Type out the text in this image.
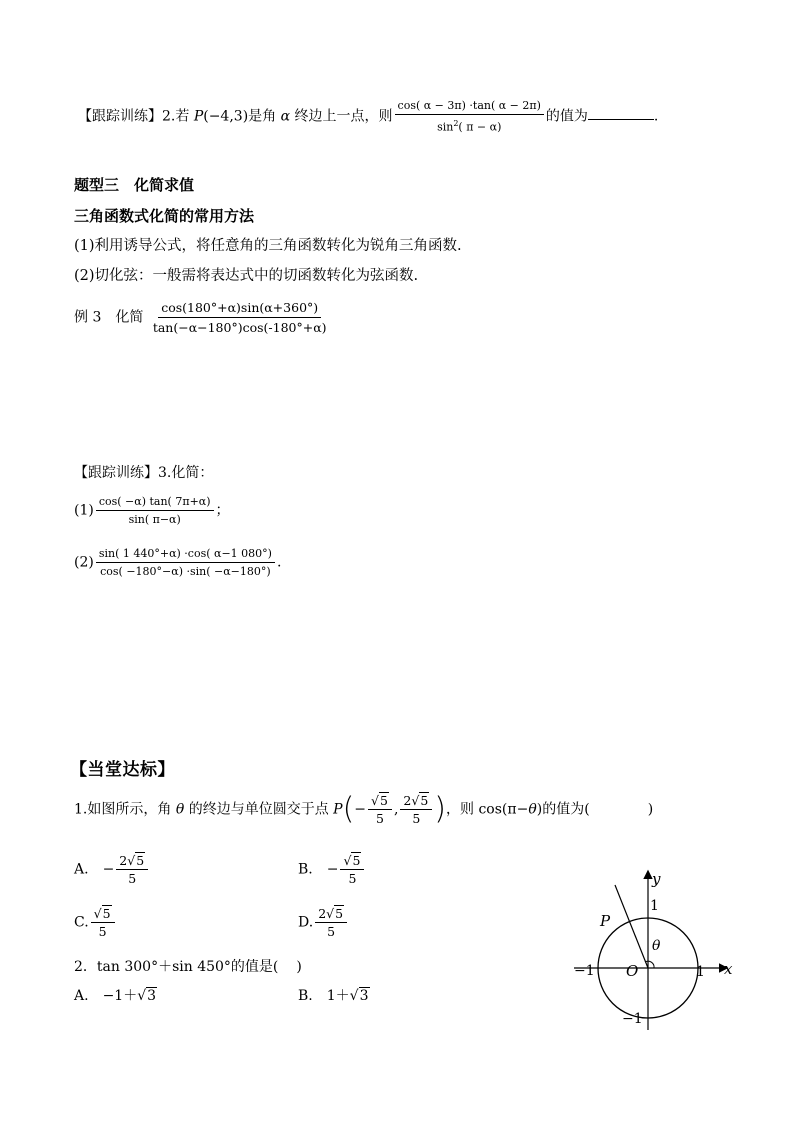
【跟踪训练】2.若 P(−4,3)是角 α 终边上一点，则 $\frac{\cos( \alpha - 3\pi) \cdot\tan( \alpha - 2\pi)}{\sin^2( \pi - \alpha)}$ 的值为	.
题型三　化简求值
三角函数式化简的常用方法
(1)利用诱导公式，将任意角的三角函数转化为锐角三角函数.
(2)切化弦：一般需将表达式中的切函数转化为弦函数.
例 3　化简 $\frac{\cos(180^\circ+\alpha)\sin(\alpha+360^\circ)}{\tan(-\alpha-180^\circ)\cos(-180^\circ+\alpha)}$
【跟踪训练】3.化简：
$(1) \frac{\cos( -\alpha) \tan( 7\pi+\alpha)}{\sin( \pi-\alpha)}$ ；
$(2) \frac{\sin( 1 440^\circ+\alpha) \cdot\cos( \alpha-1 080^\circ)}{\cos( -180^\circ-\alpha) \cdot\sin( -\alpha-180^\circ)}$ .
【当堂达标】
1.如图所示，角 θ 的终边与单位圆交于点 $P(- \frac{√5}{5}$ , $\frac{2√5}{5}$ )，则 cos(π−θ)的值为(	)
A.　 − $\frac{2√5}{5}$	B.　 − $\frac{√5}{5}$
C. $\frac{√5}{5}$	D. $\frac{2√5}{5}$
2．tan 300°＋sin 450°的值是( )
A.　 −1＋√3	B.　 1＋√3
y
x
P
θ
O
1
1
−1
−1
